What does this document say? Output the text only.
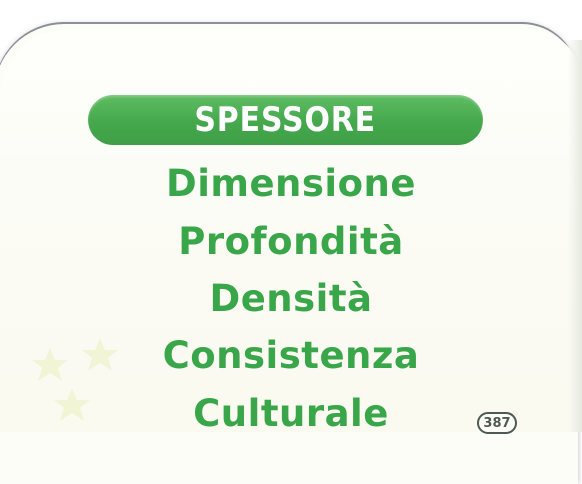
SPESSORE
Dimensione
Profondità
Densità
Consistenza
Culturale	387
